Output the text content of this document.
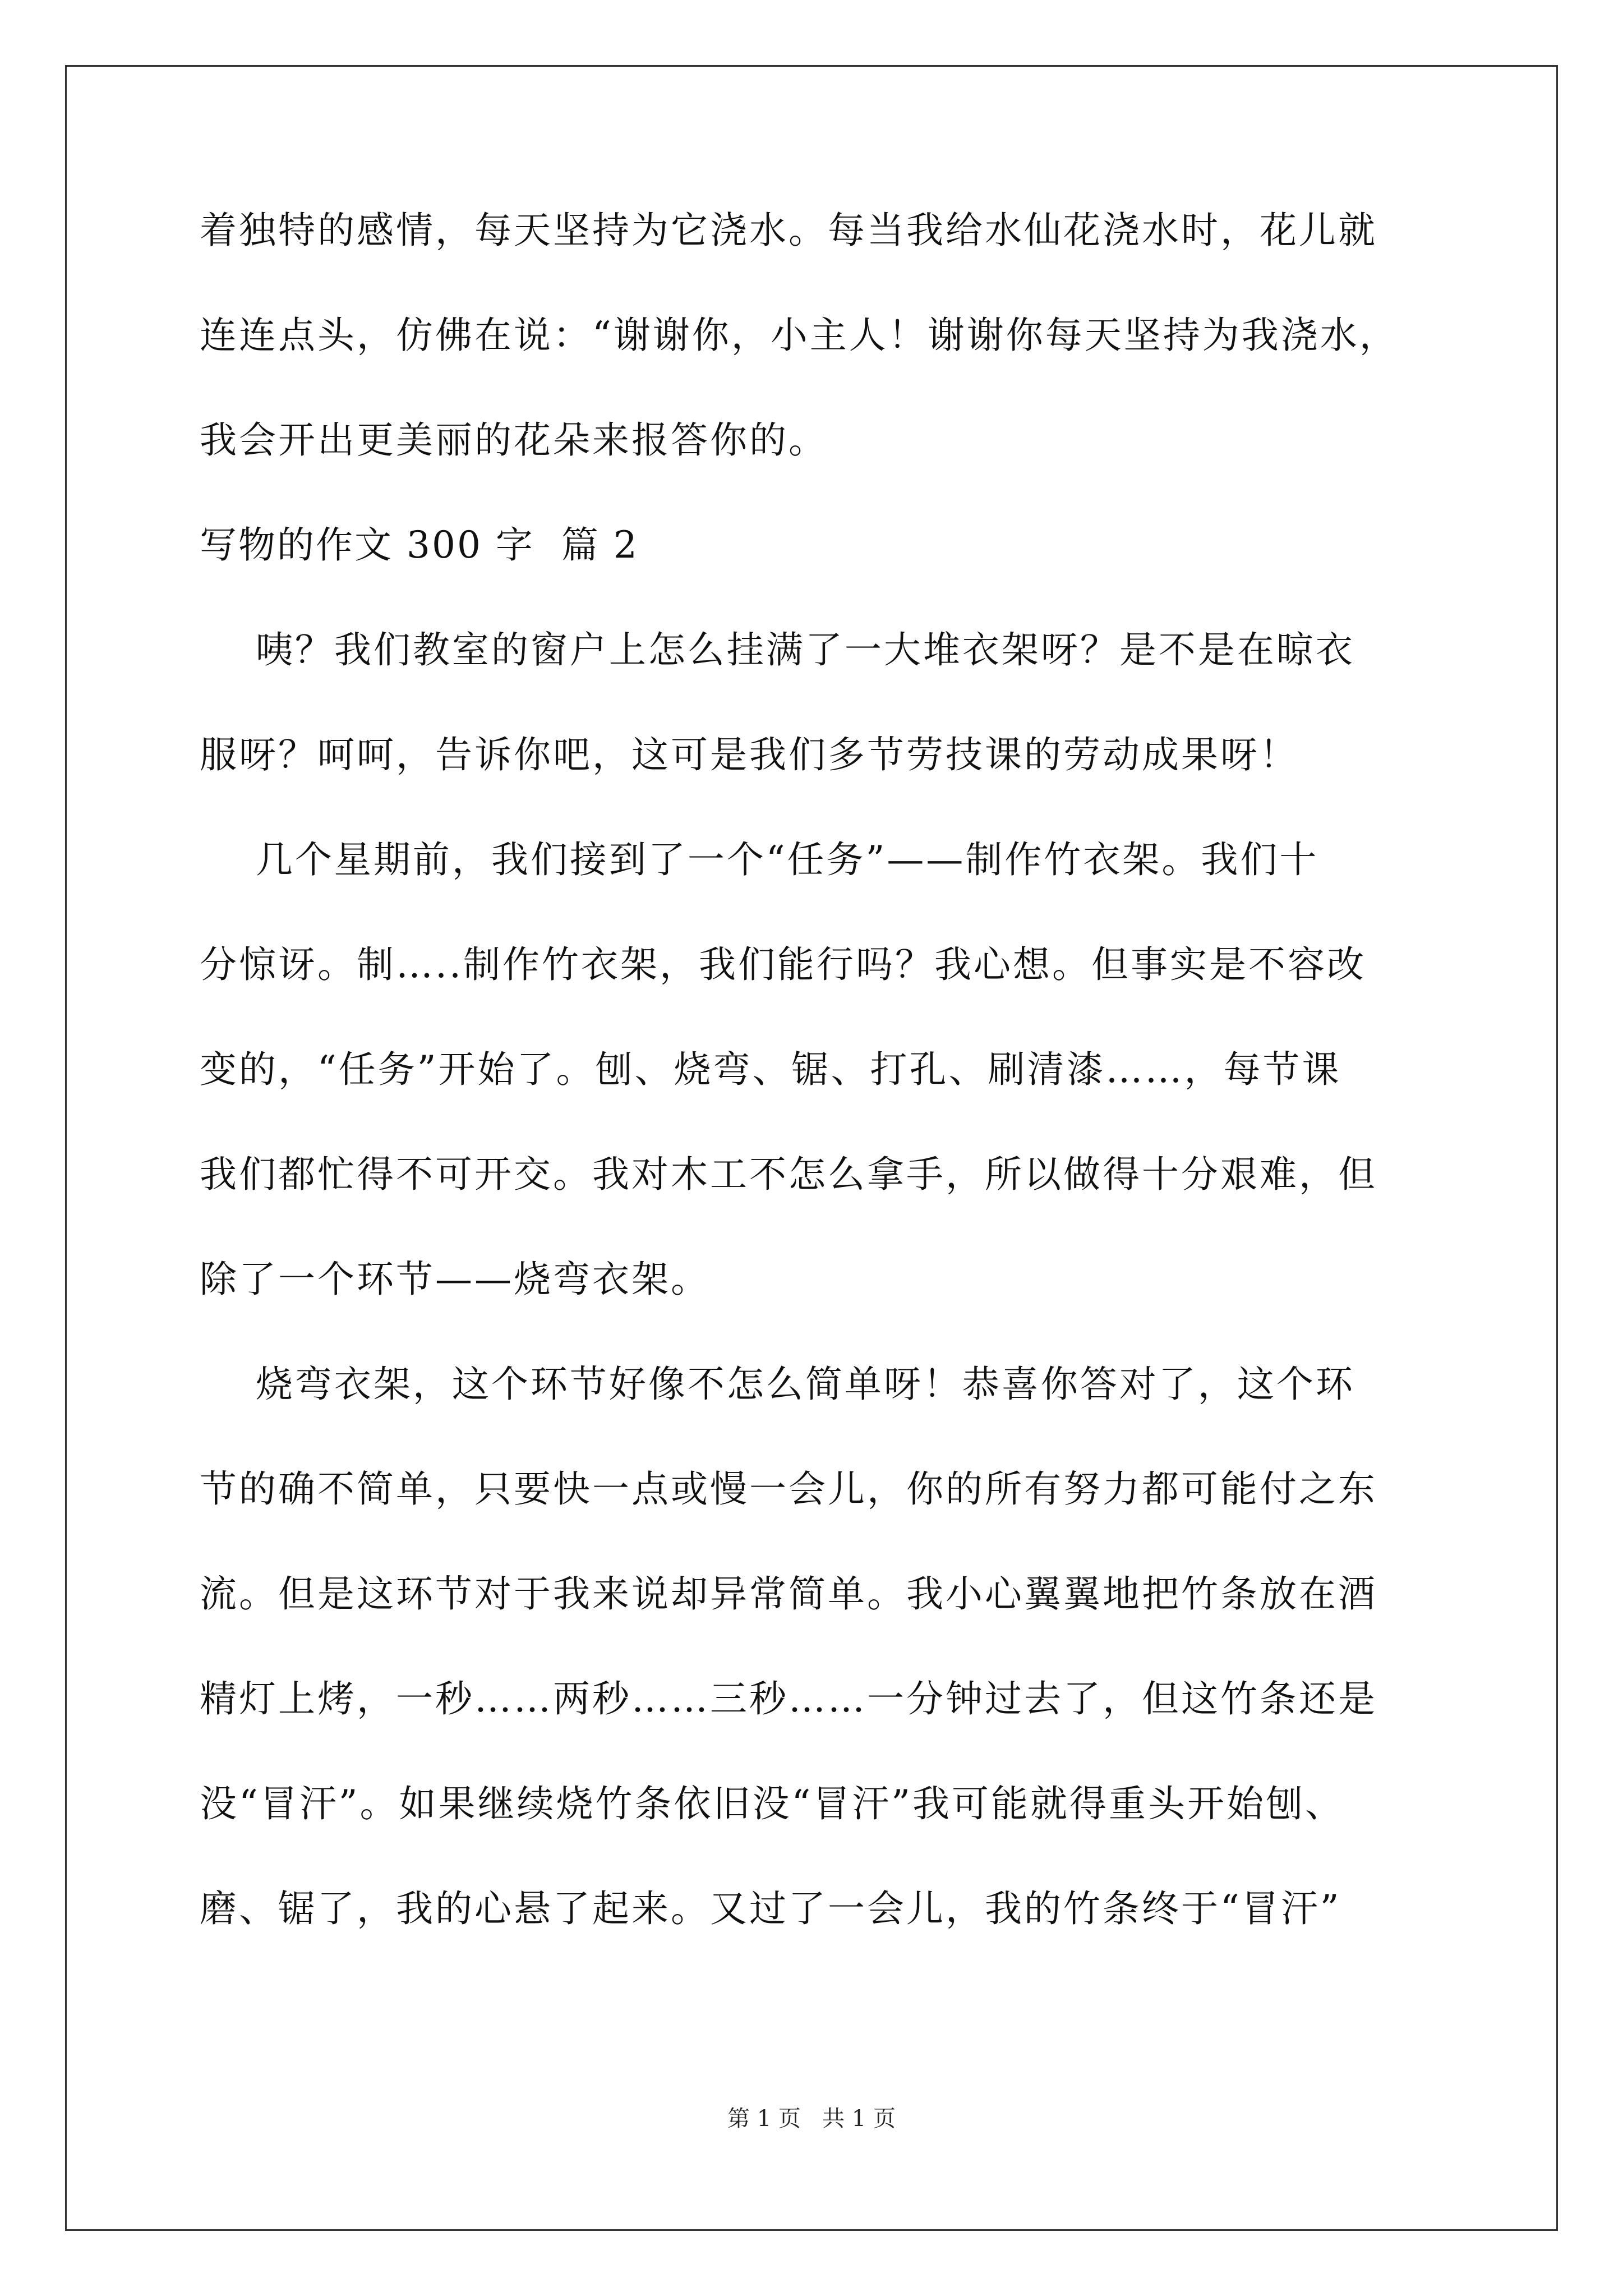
着独特的感情，每天坚持为它浇水。每当我给水仙花浇水时，花儿就
连连点头，仿佛在说：“谢谢你，小主人！谢谢你每天坚持为我浇水，
我会开出更美丽的花朵来报答你的。
写物的作文 300 字  篇 2
咦？我们教室的窗户上怎么挂满了一大堆衣架呀？是不是在晾衣
服呀？呵呵，告诉你吧，这可是我们多节劳技课的劳动成果呀！
几个星期前，我们接到了一个“任务”——制作竹衣架。我们十
分惊讶。制…..制作竹衣架，我们能行吗？我心想。但事实是不容改
变的，“任务”开始了。刨、烧弯、锯、打孔、刷清漆……，每节课
我们都忙得不可开交。我对木工不怎么拿手，所以做得十分艰难，但
除了一个环节——烧弯衣架。
烧弯衣架，这个环节好像不怎么简单呀！恭喜你答对了，这个环
节的确不简单，只要快一点或慢一会儿，你的所有努力都可能付之东
流。但是这环节对于我来说却异常简单。我小心翼翼地把竹条放在酒
精灯上烤，一秒……两秒……三秒……一分钟过去了，但这竹条还是
没“冒汗”。如果继续烧竹条依旧没“冒汗”我可能就得重头开始刨、
磨、锯了，我的心悬了起来。又过了一会儿，我的竹条终于“冒汗”
第 1 页   共 1 页
